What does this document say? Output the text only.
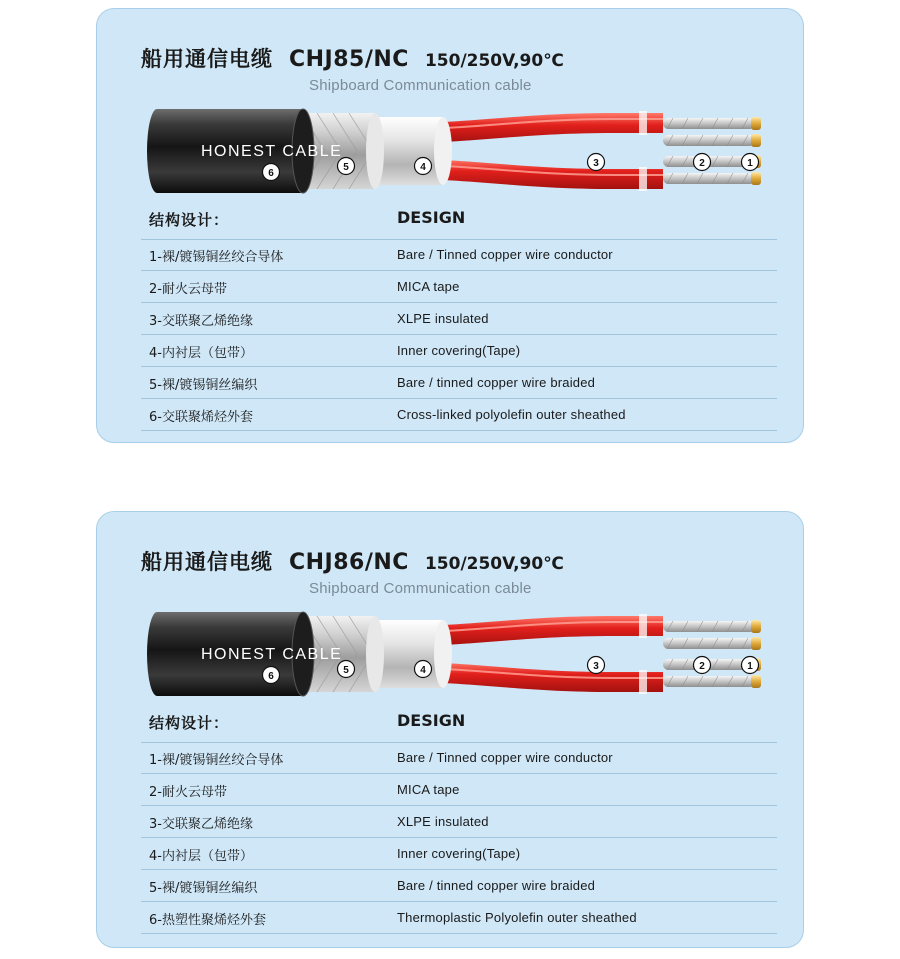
船用通信电缆 CHJ85/NC 150/250V,90℃
Shipboard Communication cable
HONEST CABLE
1
2
3
4
5
6
结构设计：	DESIGN
1-裸/镀锡铜丝绞合导体	Bare / Tinned copper wire conductor
2-耐火云母带	MICA tape
3-交联聚乙烯绝缘	XLPE insulated
4-内衬层（包带）	Inner covering(Tape)
5-裸/镀锡铜丝编织	Bare / tinned copper wire braided
6-交联聚烯烃外套	Cross-linked polyolefin outer sheathed
船用通信电缆 CHJ86/NC 150/250V,90℃
Shipboard Communication cable
HONEST CABLE
1
2
3
4
5
6
结构设计：	DESIGN
1-裸/镀锡铜丝绞合导体	Bare / Tinned copper wire conductor
2-耐火云母带	MICA tape
3-交联聚乙烯绝缘	XLPE insulated
4-内衬层（包带）	Inner covering(Tape)
5-裸/镀锡铜丝编织	Bare / tinned copper wire braided
6-热塑性聚烯烃外套	Thermoplastic Polyolefin outer sheathed
